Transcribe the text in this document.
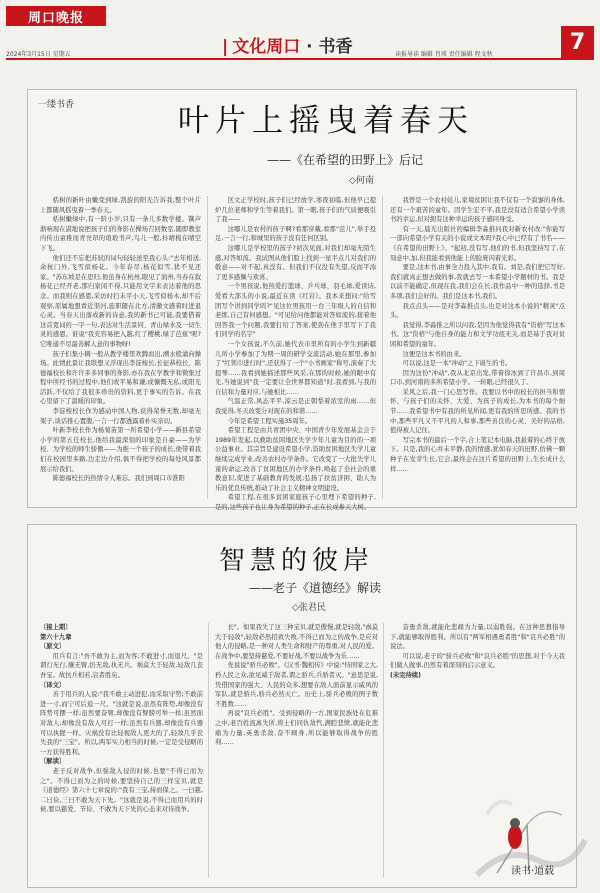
周口晚报
2024年3月15日 星期五	| 文化周口 · 书香	读报导读 编辑 肖瑛 责任编辑 程文秋	7
一缕书香	叶片上摇曳着春天
——《在希望的田野上》后记
◇何南

栝树的新叶由嫩变到绿,凯旋的阳光告诉我,整个叶片上都随风摇曳着一季春天。

栝树嫩绿中,有一阶小岁,只有一条儿多数学楼。镌声渐响现在湛地说把孩子们的身影在操场召回数室,随即教室内传出童稚而青亮昂的琅琅书声,鸟儿一般,抖晴梳在晴空下飞。

他们还不忘把苏轼的词句轻轻送至我心头:"去年相送,余杭门外,飞雪似杨花。今年春尽,杨花似雪,犹不见还家。"苏东坡是在思归,他虽身在杭州,眼见了润州,当春在叙杨花已经开老,那归家闲不得,只能用文字来表达着他的思念。而我则在感恩,采访时扫未平小天,飞雪似杨木,却不后观察,原属地想看近渠河,旅职随在北方,清澈文感着时进退心灵。当春天出落成新的诗意,我的新书已可能,我要借着这首宽词的一字一句,表达对生活景同、青山绿水及一切生灵的感恩。谁说"我充容易把入越,红了樱桃,绿了芭蕉"呢?它唯通不尽最善解人意的事物呀!

孩子们集小稠一般从教学楼里欢腾而出,溯水般涌向操场。此情此景让我联想又浮现出李淀梭长,长征恭校长、陈德福校长和许许多多同事的身影,亦在我在学教学和徵集过程中所经书的过程中,他们或平易和谦,或慷慨无私,或阳光活跃,不仅给了我很多珍贵的资料,更于事实的告诉。在我心里留下了温暖的印象。

李淀梭校长作为感动中国人物,获得荣誉无数,却毫无架子,谈话推心置腹,一言一行都透露着朴实亲切。

叶新李校长作为杨菊苗第一所希望小学——新县希望小学的第五任校长,他给我最深刻的印象是自豪——为学校、为学校的师生骄傲——为推一个孩子的成长,他带着我们在校园里多路,边走边介绍,俱不得把学校的每处风景都展示给我们。

陈德福校长的热情令人难忘。我们到周口市淮阳

区文正学校时,孩子们已经放学,寒夜初临,但他早已提炉几位老师和学生等着我们。第一眼,孩子们的气质便吸引了我——

这哪儿是农村的孩子啊?看那穿戴,看那"范儿",举手投足,一言一行,和城里的孩子没有任何区别。

这哪儿是学校里的孩子?初次见面,对我们却毫无陌生感,对答如流。我试图从他们脸上找到一星半点儿对我们的敬意——对不起,真没有。但我们不仅没有失望,反而平添了更多感佩与欢喜。

一个男孩说,他热爱打篮球、乒乓球、羽毛球,爱读诗,爱看大部头的小说,最近在读《红岩》。我本来想问:"给雪团写个讲到同学吗?"见这位男孩用一台三年级人的自信和老练,自己有何感想。"可见给问他都能对答如流的,接着他回答我一个问题,我要打给了答案,使劲在他手里写下了我们同学的名字"

一个女孩说,不久前,她代表市里所有的小学生到新疆儿所小学参加了为期一周的研学交流活动,她在那里,参加了"红领巾进行时",还获得了一个"小书画家"称号,演奏了大提琴……我看到她描述那些风采,在那的时候,她的眼中有光,当她说到"我一定要让全世界都知道"时,我看到,与我的自信和力量对应,与她相比……

气温正常,风态平平,涼云是正朝梨着浓室的雨……但我觉得,冬天改变分对现在的和谐……

今年是希望工程实施35周年。

希望工程是由共青团中央、中国青少年发展基金会于1989年发起,以救助贫困地区失学少年儿童为目的的一项公益事业。其宗旨是建设希望小学,资助贫困地区失学儿童继续完成学业,改善农村办学条件。它改变了一大批失学儿童的命运,改善了贫困地区的办学条件,唤起了全社会的重教意识,促进了基础教育的发展;弘扬了扶贫济困、助人为乐的优良传统,推动了社会主义精神文明建设。

希望工程,在很多贫困家庭孩子心里埋下希望的种子,是的,这些孩子也让身为希望的种子,正在长成参天大树。

我曾是一个农村娃儿,家境贫困让我不仅有一个寂寥的身体,还有一个艰苦的童年。因学生宏不平,我是没有适合希望小学读书的幸运,但对拥有这种幸运的孩子感同身受。

有一天,晨光出版社的编辑李淼推问我对新农村改:"你能写一部向希望小学有关的小说或文本吗?我心中已经有了书名——《在希望的田野上》。"起初,没有写,他们的书,但我坚持写了,在刻意中,加,但我能看到他能上的脸庞闪着光彩。

要是,这本书,由事全力投入其中,我有。刘是,我们把它写好,我们就真正想去做的事,我就去写一本希望小学题材的书。我是以前不能确定,但现在我,我们会在长,我作品中一种的选择,书是多项,我们会好的。我们是这本书,我们。

我点点头——是对李淼推点头,也是对这本小说的"精灵"点头。

我觉得,李淼推之所以问我,是因为他觉得我有"资格"写这本书。这"资格"与他自身的能力和文学功底无关,而是基于我对贫困和希望的童年。

这便是这本书的由来。

可以说,这是一本"冲动"之下诞生的书。

因为这份"冲动",我从北京出发,带着徐冰到了许昌市,到周口市,到河南的多所希望小学。一转眼,已经很久了。

采风之后,我一门心思写作。我要以书中的校长的担当和情怀、与孩子们的关怀、大爱、为孩子的成长,为本书的每个细节……我希望书中有我的所见所闻,更有我的所思所感。我的书中,那些平凡又不平凡的人和事,那些善良的心灵、美好的品格,值得被人记住。

写完本书的最后一个字,合上笔记本电脑,我悬着的心终于放下。只是,我的心并未平静,我的情感,犹如春天的田野,仿佛一颗种子在发芽生长,它会,最终会在这片希望的田野上,生长成什么样……

智慧的彼岸
——老子《道德经》解读
◇张君民

〔接上期〕

第六十九章

〔原文〕

用兵有言:"吾不敢为主,而为客;不敢进寸,而退尺。"是谓行无行,攘无臂,扔无敌,执无兵。祸莫大于轻敌,轻敌几丧吾宝。故抗兵相若,哀者胜矣。

〔译文〕

善于用兵的人说:"我不敢主动进犯,而采取守势;不敢前进一寸,而宁可后退一尺。"这就是说,虽然有阵势,却像没有阵势可摆一样;虽然要奋臂,却像没有臂膀可举一样;虽然面对敌人,却像没有敌人可打一样;虽然有兵器,却像没有兵器可以执握一样。灾祸没有比轻视敌人更大的了,轻敌几乎丧失我的"三宝"。所以,两军实力相当的时候,一定是受侵略的一方获得胜利。

〔解读〕

老子反对战争,但强敌入侵的时候,也要"不得已而为之"。不得已而为之的时候,要坚持自己的三样宝贝,就是《道德经》第六十七章说的:"我有三宝,持而保之。一曰慈,二曰俭,三曰不敢为天下先。"这就是说,不得已而用兵的时候,要以慈爱、节俭、不敢为天下先的心态来对待战争。

长"。如果我失了这三种宝贝,就是傲慢,就是轻敌,"祸莫大于轻敌",轻敌必然招致失败,不得已而为之的战争,是应对他人的侵略,是一种对人类生命和财产的尊重,对人民的爱。在战争中,要坚持慈爱,不要好战,不要以战争为乐……

先说说"骄兵必败"。《汉书·魏相传》中说:"恃国家之大,矜人民之众,欲见威于敌者,谓之骄兵,兵骄者灭。"意思是说,凭借国家的强大、人民的众多,想要在敌人面前显示威风的军队,就是骄兵,骄兵必然灭亡。历史上,骄兵必败的例子数不胜数……

再说"哀兵必胜"。受到侵略的一方,国家民族处在危难之中,老百姓流离失所,将士们同仇敌忾,满腔悲愤,就能化悲痛为力量,英勇杀敌,奋不顾身,所以能够取得战争的胜利……

奋勇杀敌,就能化悲痛为力量,以弱胜强。在这种思想指导下,就能够取得胜利。所以有"两军相遇勇者胜"和"哀兵必胜"的说法。

可以说,老子的"骄兵必败"和"哀兵必胜"的思想,对于今天我们做人做事,仍然有着深刻的启示意义。

(未完待续)

读书·道载
